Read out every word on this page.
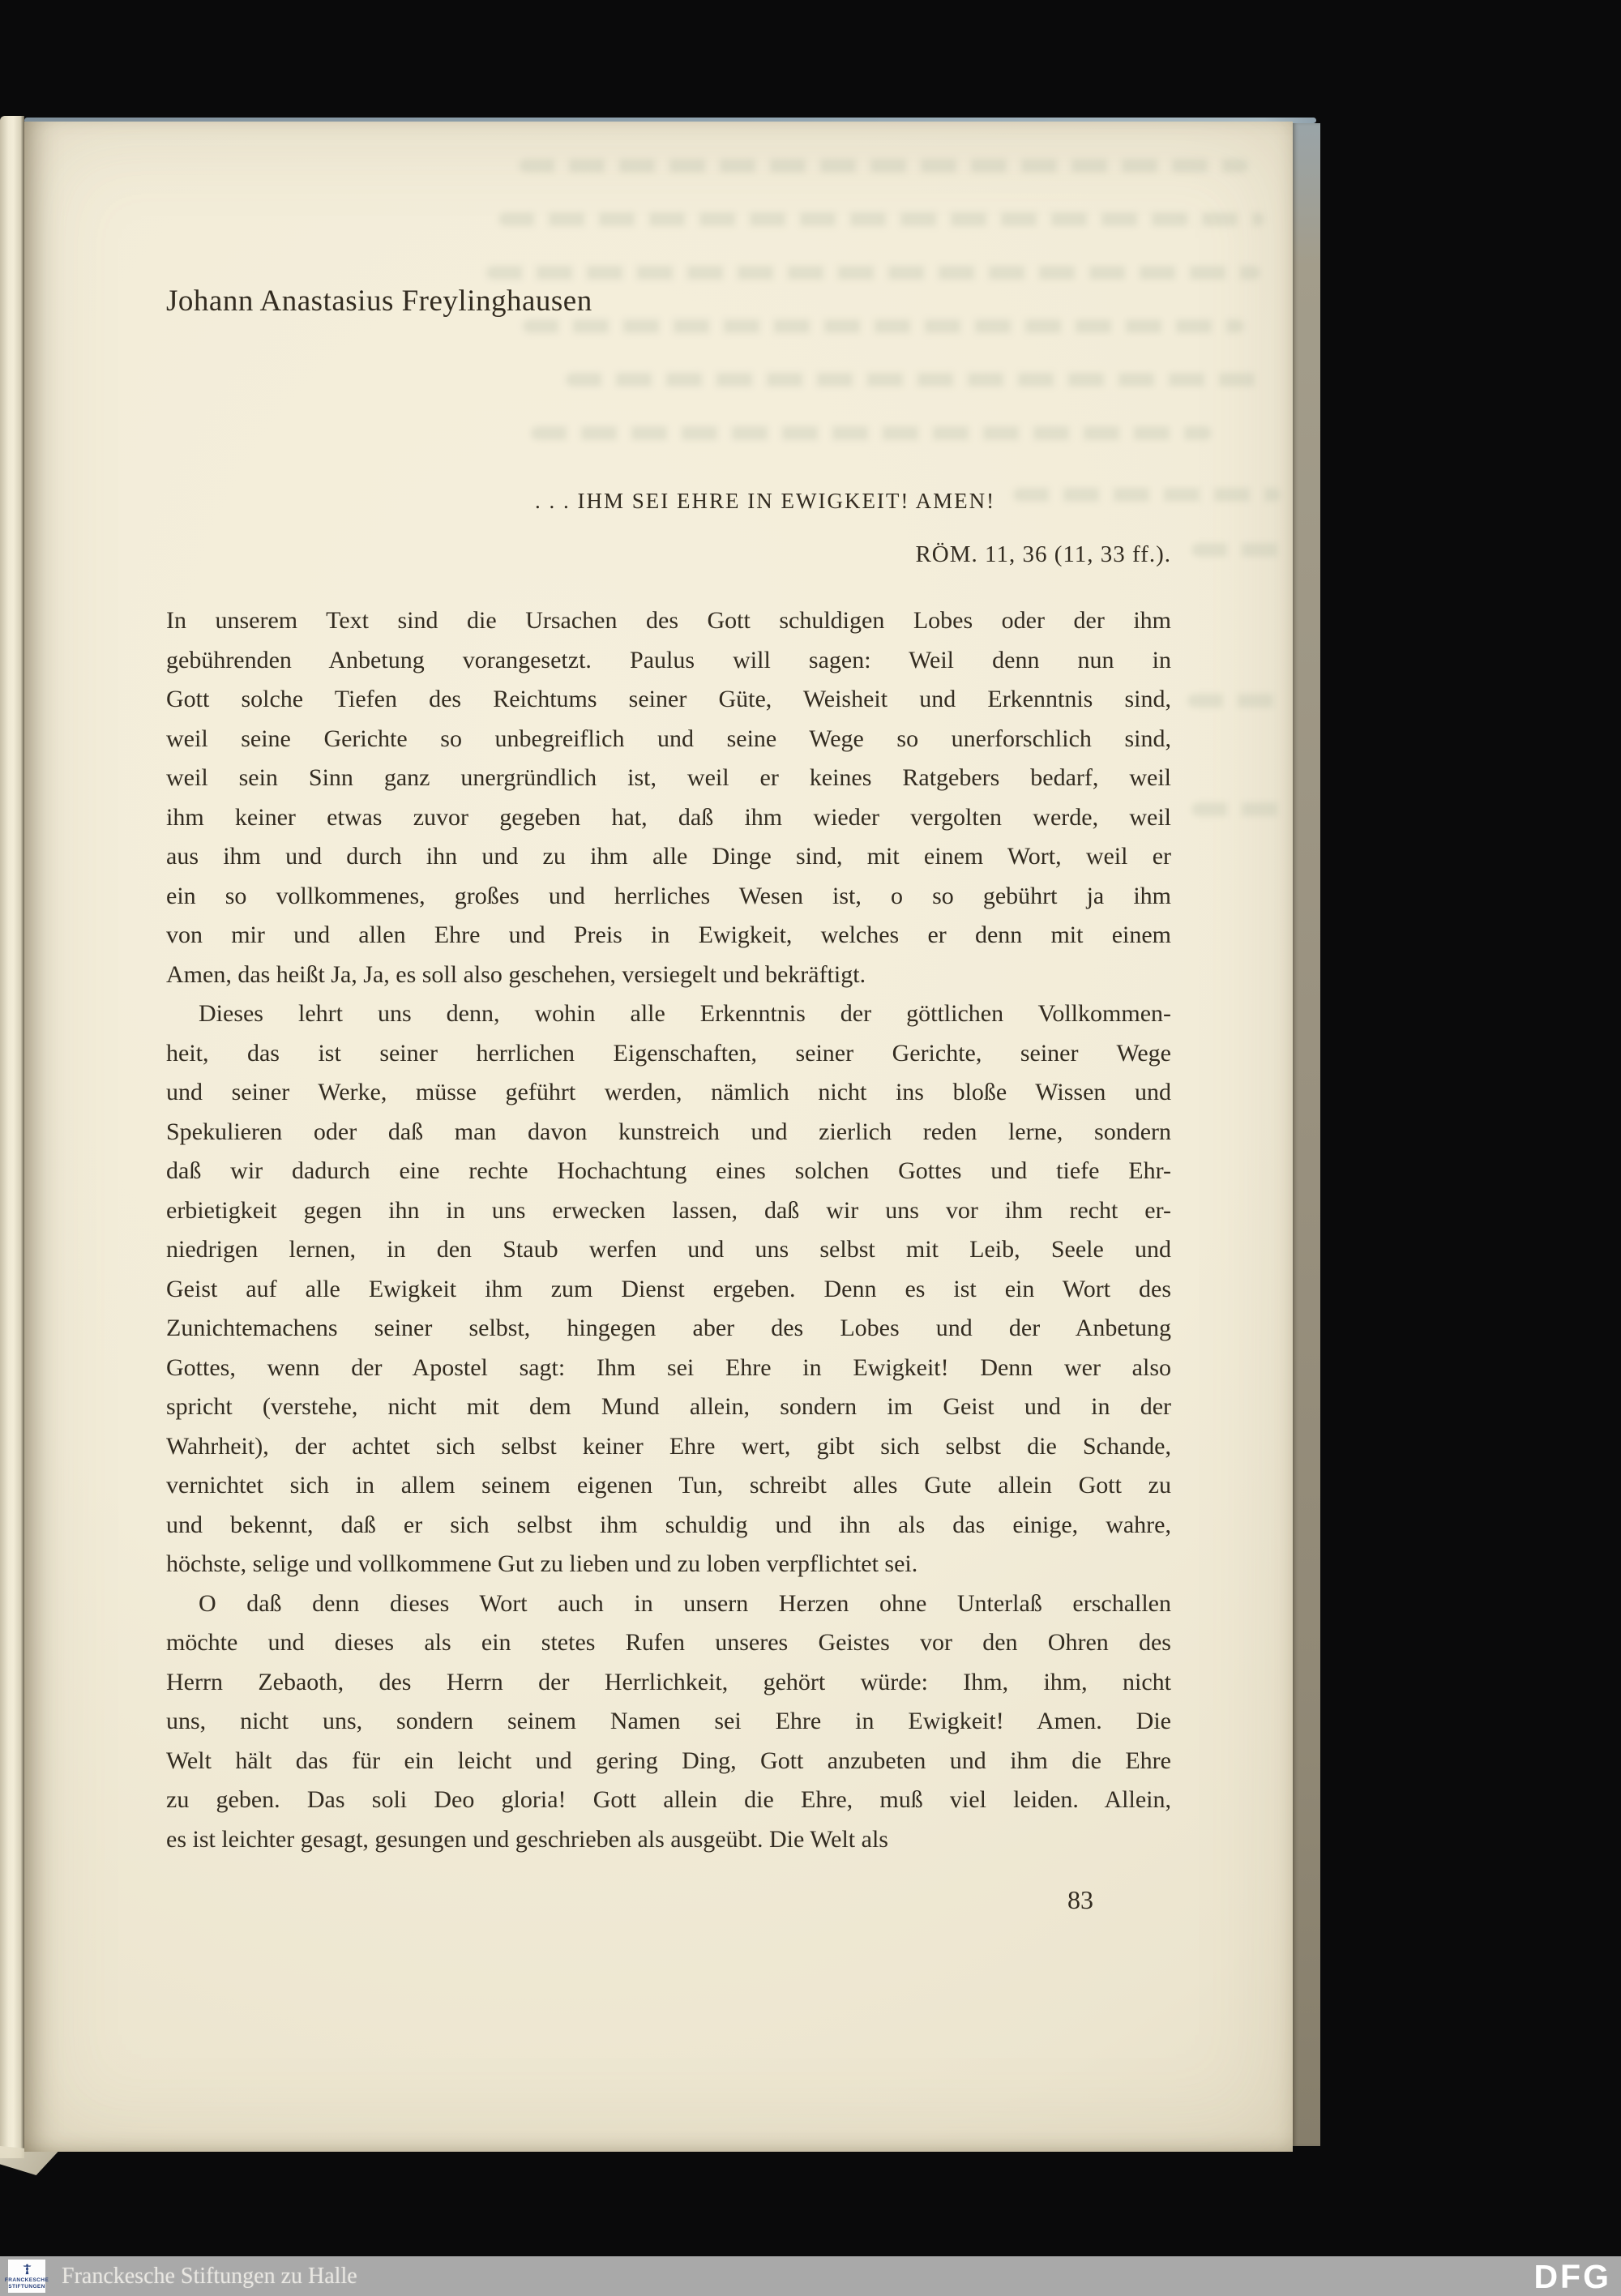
Johann Anastasius Freylinghausen
. . . IHM SEI EHRE IN EWIGKEIT! AMEN!
RÖM. 11, 36 (11, 33 ff.).
In unserem Text sind die Ursachen des Gott schuldigen Lobes oder der ihm
gebührenden Anbetung vorangesetzt. Paulus will sagen: Weil denn nun in
Gott solche Tiefen des Reichtums seiner Güte, Weisheit und Erkenntnis sind,
weil seine Gerichte so unbegreiflich und seine Wege so unerforschlich sind,
weil sein Sinn ganz unergründlich ist, weil er keines Ratgebers bedarf, weil
ihm keiner etwas zuvor gegeben hat, daß ihm wieder vergolten werde, weil
aus ihm und durch ihn und zu ihm alle Dinge sind, mit einem Wort, weil er
ein so vollkommenes, großes und herrliches Wesen ist, o so gebührt ja ihm
von mir und allen Ehre und Preis in Ewigkeit, welches er denn mit einem
Amen, das heißt Ja, Ja, es soll also geschehen, versiegelt und bekräftigt.
Dieses lehrt uns denn, wohin alle Erkenntnis der göttlichen Vollkommen-
heit, das ist seiner herrlichen Eigenschaften, seiner Gerichte, seiner Wege
und seiner Werke, müsse geführt werden, nämlich nicht ins bloße Wissen und
Spekulieren oder daß man davon kunstreich und zierlich reden lerne, sondern
daß wir dadurch eine rechte Hochachtung eines solchen Gottes und tiefe Ehr-
erbietigkeit gegen ihn in uns erwecken lassen, daß wir uns vor ihm recht er-
niedrigen lernen, in den Staub werfen und uns selbst mit Leib, Seele und
Geist auf alle Ewigkeit ihm zum Dienst ergeben. Denn es ist ein Wort des
Zunichtemachens seiner selbst, hingegen aber des Lobes und der Anbetung
Gottes, wenn der Apostel sagt: Ihm sei Ehre in Ewigkeit! Denn wer also
spricht (verstehe, nicht mit dem Mund allein, sondern im Geist und in der
Wahrheit), der achtet sich selbst keiner Ehre wert, gibt sich selbst die Schande,
vernichtet sich in allem seinem eigenen Tun, schreibt alles Gute allein Gott zu
und bekennt, daß er sich selbst ihm schuldig und ihn als das einige, wahre,
höchste, selige und vollkommene Gut zu lieben und zu loben verpflichtet sei.
O daß denn dieses Wort auch in unsern Herzen ohne Unterlaß erschallen
möchte und dieses als ein stetes Rufen unseres Geistes vor den Ohren des
Herrn Zebaoth, des Herrn der Herrlichkeit, gehört würde: Ihm, ihm, nicht
uns, nicht uns, sondern seinem Namen sei Ehre in Ewigkeit! Amen. Die
Welt hält das für ein leicht und gering Ding, Gott anzubeten und ihm die Ehre
zu geben. Das soli Deo gloria! Gott allein die Ehre, muß viel leiden. Allein,
es ist leichter gesagt, gesungen und geschrieben als ausgeübt. Die Welt als
83
FRANCKESCHE
STIFTUNGEN Franckesche Stiftungen zu Halle	DFG
